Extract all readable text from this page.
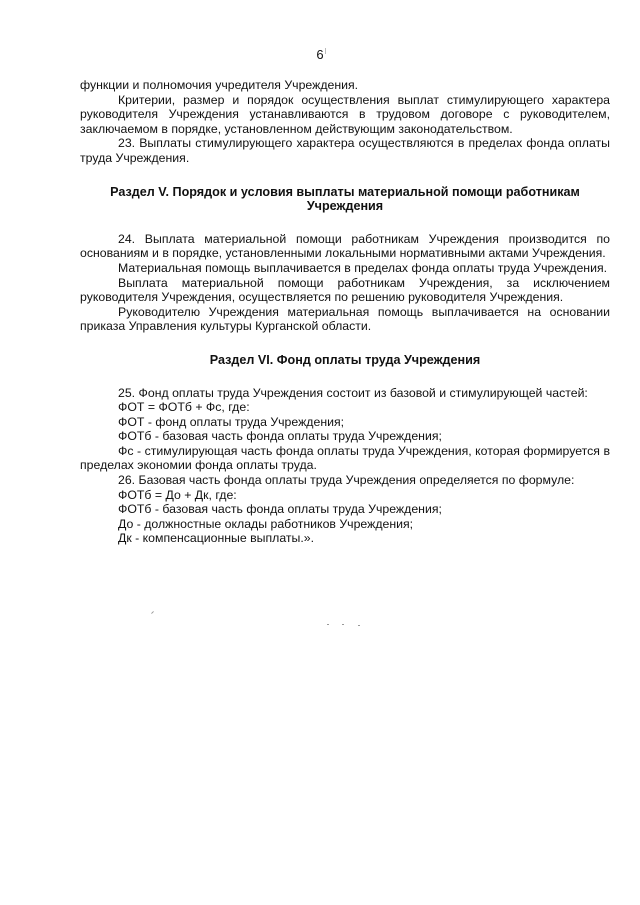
6

функции и полномочия учредителя Учреждения.

Критерии, размер и порядок осуществления выплат стимулирующего характера руководителя Учреждения устанавливаются в трудовом договоре с руководителем, заключаемом в порядке, установленном действующим законодательством.

23. Выплаты стимулирующего характера осуществляются в пределах фонда оплаты труда Учреждения.

Раздел V. Порядок и условия выплаты материальной помощи работникам
Учреждения

24. Выплата материальной помощи работникам Учреждения производится по основаниям и в порядке, установленными локальными нормативными актами Учреждения.

Материальная помощь выплачивается в пределах фонда оплаты труда Учреждения.

Выплата материальной помощи работникам Учреждения, за исключением руководителя Учреждения, осуществляется по решению руководителя Учреждения.

Руководителю Учреждения материальная помощь выплачивается на основании приказа Управления культуры Курганской области.

Раздел VI. Фонд оплаты труда Учреждения

25. Фонд оплаты труда Учреждения состоит из базовой и стимулирующей частей:

ФОТ = ФОТб + Фс, где:

ФОТ - фонд оплаты труда Учреждения;

ФОТб - базовая часть фонда оплаты труда Учреждения;

Фс - стимулирующая часть фонда оплаты труда Учреждения, которая формируется в пределах экономии фонда оплаты труда.

26. Базовая часть фонда оплаты труда Учреждения определяется по формуле:

ФОТб = До + Дк, где:

ФОТб - базовая часть фонда оплаты труда Учреждения;

До - должностные оклады работников Учреждения;

Дк - компенсационные выплаты.».
